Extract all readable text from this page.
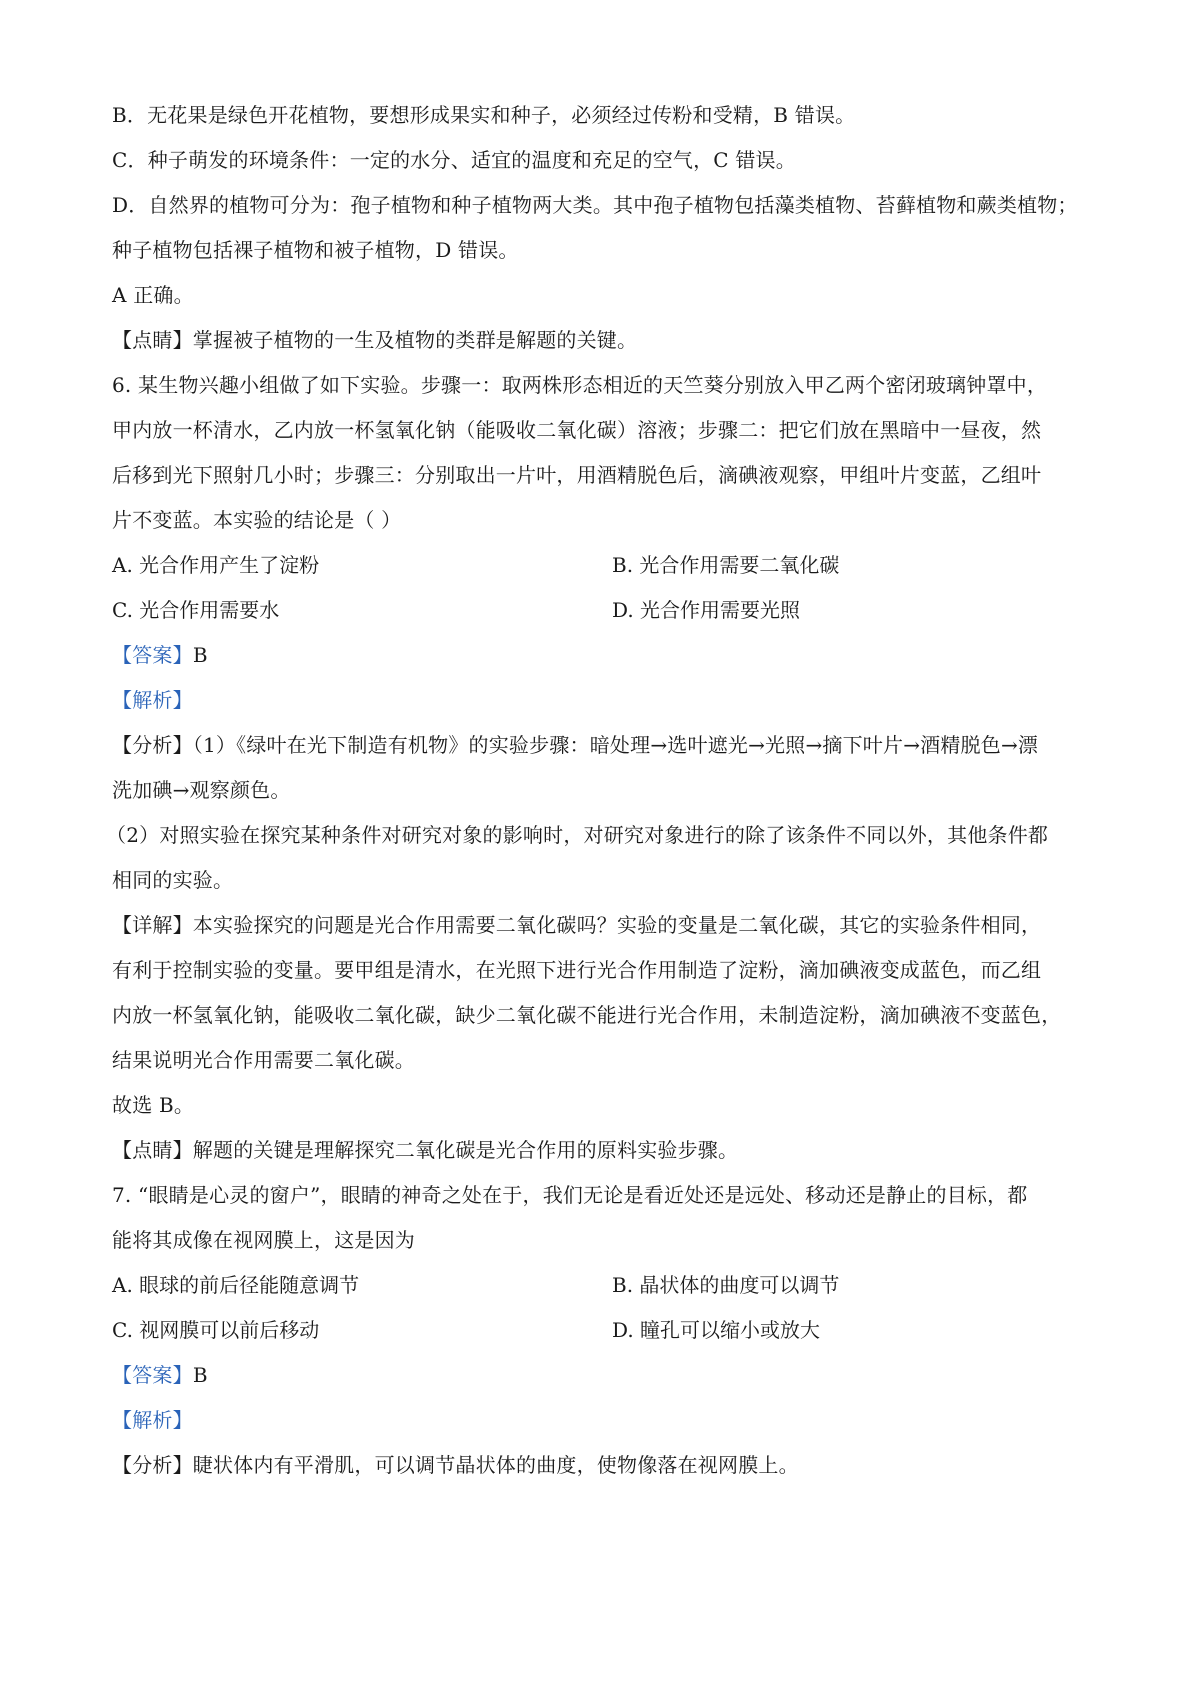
B．无花果是绿色开花植物，要想形成果实和种子，必须经过传粉和受精，B 错误。
C．种子萌发的环境条件：一定的水分、适宜的温度和充足的空气，C 错误。
D．自然界的植物可分为：孢子植物和种子植物两大类。其中孢子植物包括藻类植物、苔藓植物和蕨类植物；
种子植物包括裸子植物和被子植物，D 错误。
A 正确。
【点睛】掌握被子植物的一生及植物的类群是解题的关键。
6. 某生物兴趣小组做了如下实验。步骤一：取两株形态相近的天竺葵分别放入甲乙两个密闭玻璃钟罩中，
甲内放一杯清水，乙内放一杯氢氧化钠（能吸收二氧化碳）溶液；步骤二：把它们放在黑暗中一昼夜，然
后移到光下照射几小时；步骤三：分别取出一片叶，用酒精脱色后，滴碘液观察，甲组叶片变蓝，乙组叶
片不变蓝。本实验的结论是（ ）
A. 光合作用产生了淀粉	B. 光合作用需要二氧化碳
C. 光合作用需要水	D. 光合作用需要光照
【答案】B
【解析】
【分析】（1）《绿叶在光下制造有机物》的实验步骤：暗处理→选叶遮光→光照→摘下叶片→酒精脱色→漂
洗加碘→观察颜色。
（2）对照实验在探究某种条件对研究对象的影响时，对研究对象进行的除了该条件不同以外，其他条件都
相同的实验。
【详解】本实验探究的问题是光合作用需要二氧化碳吗？实验的变量是二氧化碳，其它的实验条件相同，
有利于控制实验的变量。要甲组是清水，在光照下进行光合作用制造了淀粉，滴加碘液变成蓝色，而乙组
内放一杯氢氧化钠，能吸收二氧化碳，缺少二氧化碳不能进行光合作用，未制造淀粉，滴加碘液不变蓝色，
结果说明光合作用需要二氧化碳。
故选 B。
【点睛】解题的关键是理解探究二氧化碳是光合作用的原料实验步骤。
7. “眼睛是心灵的窗户”，眼睛的神奇之处在于，我们无论是看近处还是远处、移动还是静止的目标，都
能将其成像在视网膜上，这是因为
A. 眼球的前后径能随意调节	B. 晶状体的曲度可以调节
C. 视网膜可以前后移动	D. 瞳孔可以缩小或放大
【答案】B
【解析】
【分析】睫状体内有平滑肌，可以调节晶状体的曲度，使物像落在视网膜上。
